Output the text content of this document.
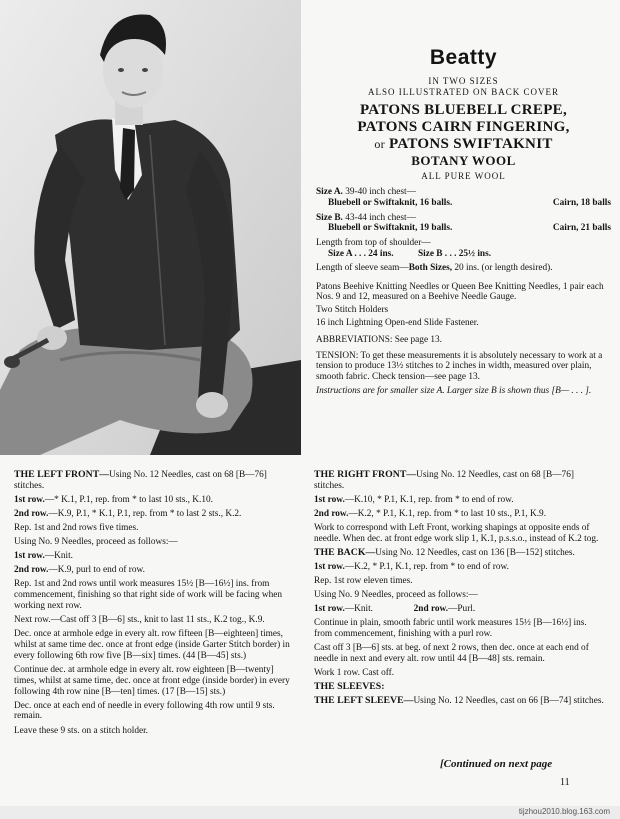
Beatty

IN TWO SIZES

ALSO ILLUSTRATED ON BACK COVER

PATONS BLUEBELL CREPE,

PATONS CAIRN FINGERING,

or PATONS SWIFTAKNIT

BOTANY WOOL

ALL PURE WOOL

Size A. 39-40 inch chest—

Bluebell or Swiftaknit, 16 balls.	Cairn, 18 balls

Size B. 43-44 inch chest—

Bluebell or Swiftaknit, 19 balls.	Cairn, 21 balls

Length from top of shoulder—

Size A . . . 24 ins.	Size B . . . 25½ ins.

Length of sleeve seam—Both Sizes, 20 ins. (or length desired).

Patons Beehive Knitting Needles or Queen Bee Knitting Needles, 1 pair each Nos. 9 and 12, measured on a Beehive Needle Gauge.

Two Stitch Holders

16 inch Lightning Open-end Slide Fastener.

ABBREVIATIONS: See page 13.

TENSION: To get these measurements it is absolutely necessary to work at a tension to produce 13½ stitches to 2 inches in width, measured over plain, smooth fabric. Check tension—see page 13.

Instructions are for smaller size A. Larger size B is shown thus [B— . . . ].

THE LEFT FRONT—Using No. 12 Needles, cast on 68 [B—76] stitches.

1st row.—* K.1, P.1, rep. from * to last 10 sts., K.10.

2nd row.—K.9, P.1, * K.1, P.1, rep. from * to last 2 sts., K.2.

Rep. 1st and 2nd rows five times.

Using No. 9 Needles, proceed as follows:—

1st row.—Knit.

2nd row.—K.9, purl to end of row.

Rep. 1st and 2nd rows until work measures 15½ [B—16½] ins. from commencement, finishing so that right side of work will be facing when working next row.

Next row.—Cast off 3 [B—6] sts., knit to last 11 sts., K.2 tog., K.9.

Dec. once at armhole edge in every alt. row fifteen [B—eighteen] times, whilst at same time dec. once at front edge (inside Garter Stitch border) in every following 6th row five [B—six] times. (44 [B—45] sts.)

Continue dec. at armhole edge in every alt. row eighteen [B—twenty] times, whilst at same time, dec. once at front edge (inside border) in every following 4th row nine [B—ten] times. (17 [B—15] sts.)

Dec. once at each end of needle in every following 4th row until 9 sts. remain.

Leave these 9 sts. on a stitch holder.

THE RIGHT FRONT—Using No. 12 Needles, cast on 68 [B—76] stitches.

1st row.—K.10, * P.1, K.1, rep. from * to end of row.

2nd row.—K.2, * P.1, K.1, rep. from * to last 10 sts., P.1, K.9.

Work to correspond with Left Front, working shapings at opposite ends of needle. When dec. at front edge work slip 1, K.1, p.s.s.o., instead of K.2 tog.

THE BACK—Using No. 12 Needles, cast on 136 [B—152] stitches.

1st row.—K.2, * P.1, K.1, rep. from * to end of row.

Rep. 1st row eleven times.

Using No. 9 Needles, proceed as follows:—

1st row.—Knit.	2nd row.—Purl.

Continue in plain, smooth fabric until work measures 15½ [B—16½] ins. from commencement, finishing with a purl row.

Cast off 3 [B—6] sts. at beg. of next 2 rows, then dec. once at each end of needle in next and every alt. row until 44 [B—48] sts. remain.

Work 1 row. Cast off.

THE SLEEVES:

THE LEFT SLEEVE—Using No. 12 Needles, cast on 66 [B—74] stitches.

[Continued on next page
11
tijzhou2010.blog.163.com
